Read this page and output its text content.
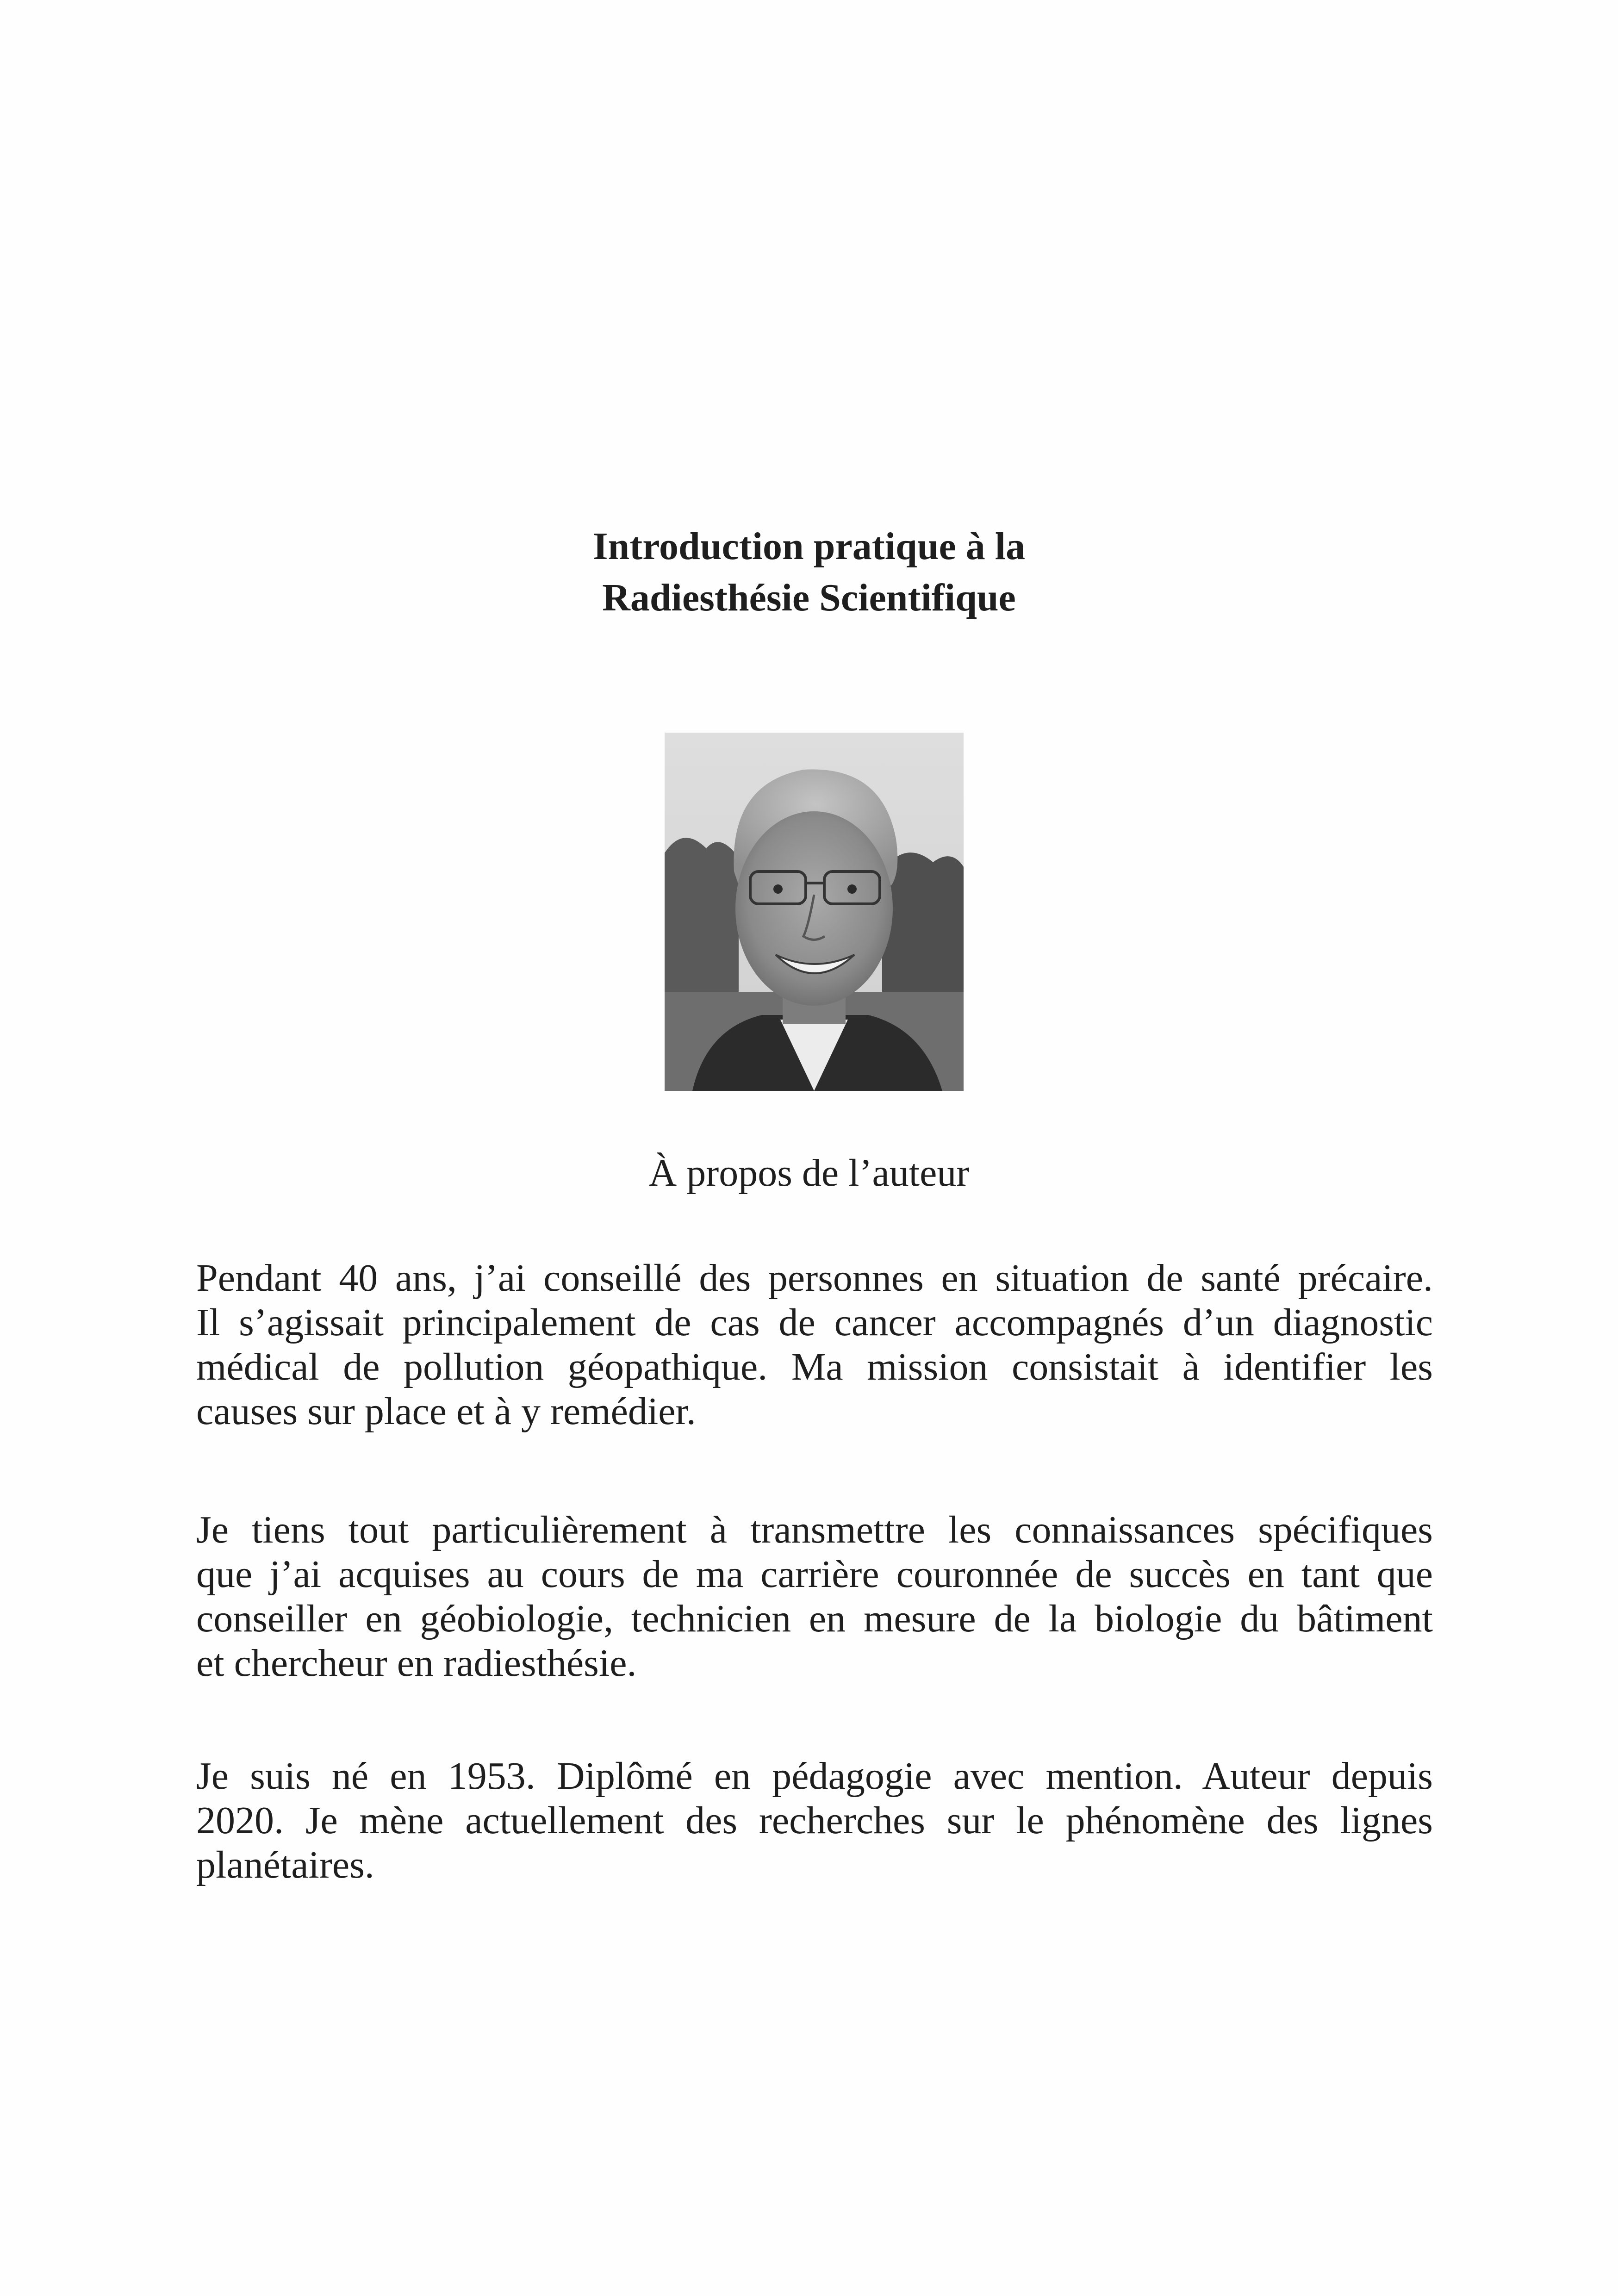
Introduction pratique à la
Radiesthésie Scientifique
À propos de l’auteur
Pendant 40 ans, j’ai conseillé des personnes en situation de santé précaire.
Il s’agissait principalement de cas de cancer accompagnés d’un diagnostic
médical de pollution géopathique. Ma mission consistait à identifier les
causes sur place et à y remédier.
Je tiens tout particulièrement à transmettre les connaissances spécifiques
que j’ai acquises au cours de ma carrière couronnée de succès en tant que
conseiller en géobiologie, technicien en mesure de la biologie du bâtiment
et chercheur en radiesthésie.
Je suis né en 1953. Diplômé en pédagogie avec mention. Auteur depuis
2020. Je mène actuellement des recherches sur le phénomène des lignes
planétaires.
